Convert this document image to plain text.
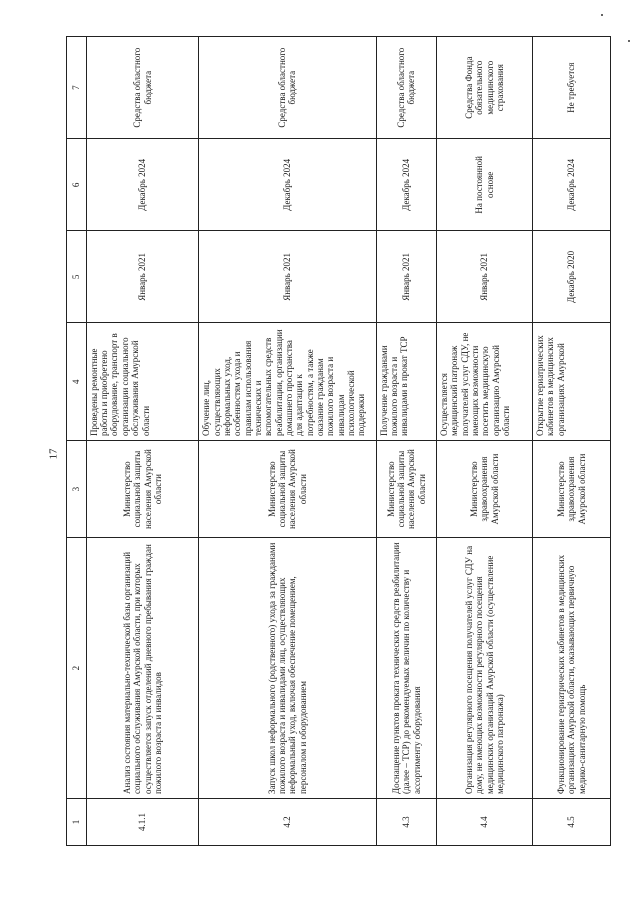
17
1	2	3	4	5	6	7
4.1.1	Анализ состояния материально-технической базы организаций социального обслуживания Амурской области, при которых осуществляется запуск отделений дневного пребывания граждан пожилого возраста и инвалидов	Министерство социальной защиты населения Амурской области	Проведены ремонтные работы и приобретено оборудование, транспорт в организации социального обслуживания Амурской области	Январь 2021	Декабрь 2024	Средства областного бюджета
4.2	Запуск школ неформального (родственного) ухода за гражданами пожилого возраста и инвалидами лиц, осуществляющих неформальный уход, включая обеспечение помещением, персоналом и оборудованием	Министерство социальной защиты населения Амурской области	Обучение лиц, осуществляющих неформальных уход, особенностям ухода и правилам использования технических и вспомогательных средств реабилитации, организации домашнего пространства для адаптации к потребностям, а также оказание гражданам пожилого возраста и инвалидам психологической поддержки	Январь 2021	Декабрь 2024	Средства областного бюджета
4.3	Доснащение пунктов проката технических средств реабилитации (далее – ТСР) до рекомендуемых величин по количеству и ассортименту оборудования	Министерство социальной защиты населения Амурской области	Получение гражданами пожилого возраста и инвалидами в прокат ТСР	Январь 2021	Декабрь 2024	Средства областного бюджета
4.4	Организация регулярного посещения получателей услуг СДУ на дому, не имеющих возможности регулярного посещения медицинских организаций Амурской области (осуществление медицинского патронажа)	Министерство здравоохранения Амурской области	Осуществляется медицинский патронаж получателей услуг СДУ, не имеющих возможности посетить медицинскую организацию Амурской области	Январь 2021	На постоянной основе	Средства Фонда обязательного медицинского страхования
4.5	Функционирование гериатрических кабинетов в медицинских организациях Амурской области, оказывающих первичную медико-санитарную помощь	Министерство здравоохранения Амурской области	Открытие гериатрических кабинетов в медицинских организациях Амурской	Декабрь 2020	Декабрь 2024	Не требуется
